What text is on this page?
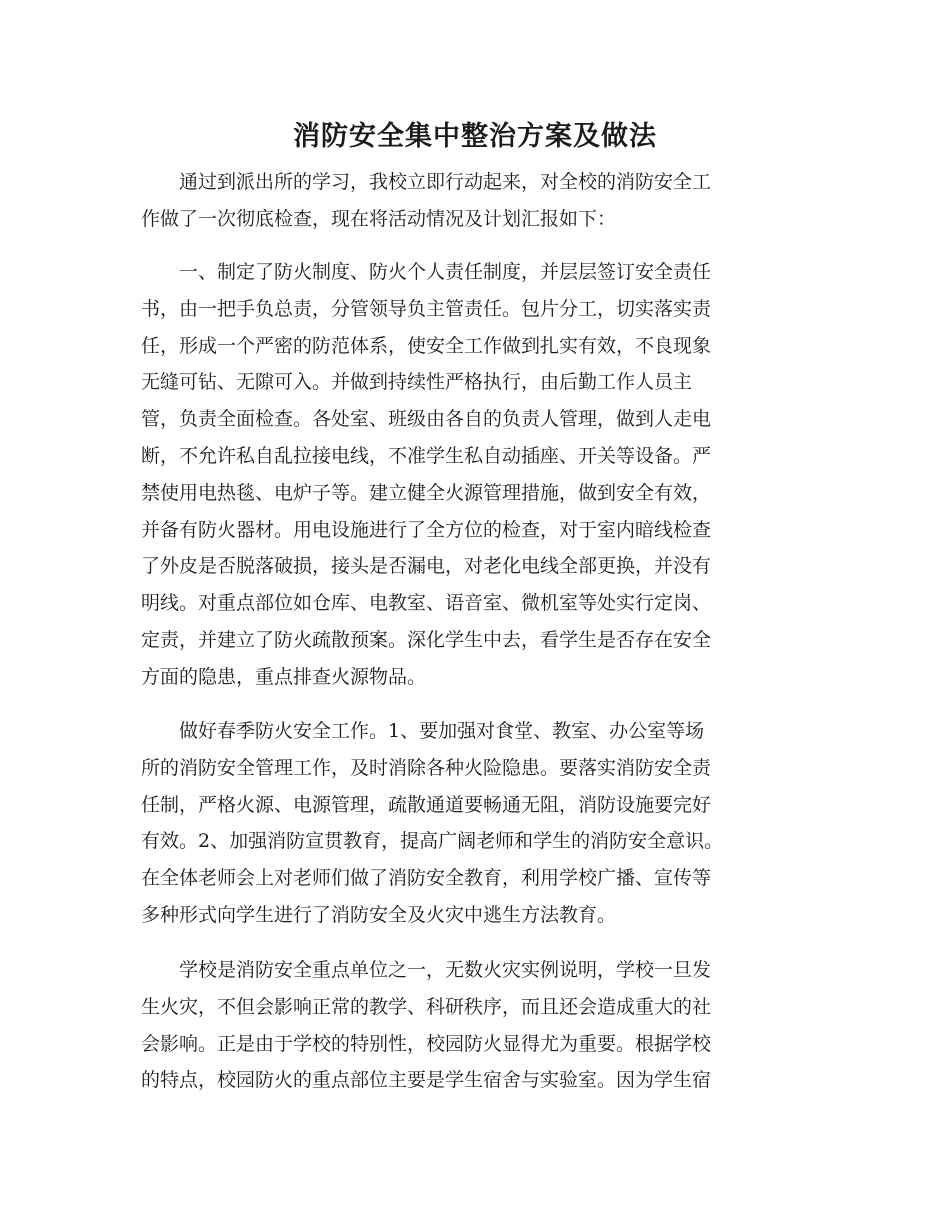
消防安全集中整治方案及做法

　　通过到派出所的学习，我校立即行动起来，对全校的消防安全工
作做了一次彻底检查，现在将活动情况及计划汇报如下：

　　一、制定了防火制度、防火个人责任制度，并层层签订安全责任
书，由一把手负总责，分管领导负主管责任。包片分工，切实落实责
任，形成一个严密的防范体系，使安全工作做到扎实有效，不良现象
无缝可钻、无隙可入。并做到持续性严格执行，由后勤工作人员主
管，负责全面检查。各处室、班级由各自的负责人管理，做到人走电
断，不允许私自乱拉接电线，不准学生私自动插座、开关等设备。严
禁使用电热毯、电炉子等。建立健全火源管理措施，做到安全有效，
并备有防火器材。用电设施进行了全方位的检查，对于室内暗线检查
了外皮是否脱落破损，接头是否漏电，对老化电线全部更换，并没有
明线。对重点部位如仓库、电教室、语音室、微机室等处实行定岗、
定责，并建立了防火疏散预案。深化学生中去，看学生是否存在安全
方面的隐患，重点排查火源物品。

　　做好春季防火安全工作。1、要加强对食堂、教室、办公室等场
所的消防安全管理工作，及时消除各种火险隐患。要落实消防安全责
任制，严格火源、电源管理，疏散通道要畅通无阻，消防设施要完好
有效。2、加强消防宣贯教育，提高广阔老师和学生的消防安全意识。
在全体老师会上对老师们做了消防安全教育，利用学校广播、宣传等
多种形式向学生进行了消防安全及火灾中逃生方法教育。

　　学校是消防安全重点单位之一，无数火灾实例说明，学校一旦发
生火灾，不但会影响正常的教学、科研秩序，而且还会造成重大的社
会影响。正是由于学校的特别性，校园防火显得尤为重要。根据学校
的特点，校园防火的重点部位主要是学生宿舍与实验室。因为学生宿
